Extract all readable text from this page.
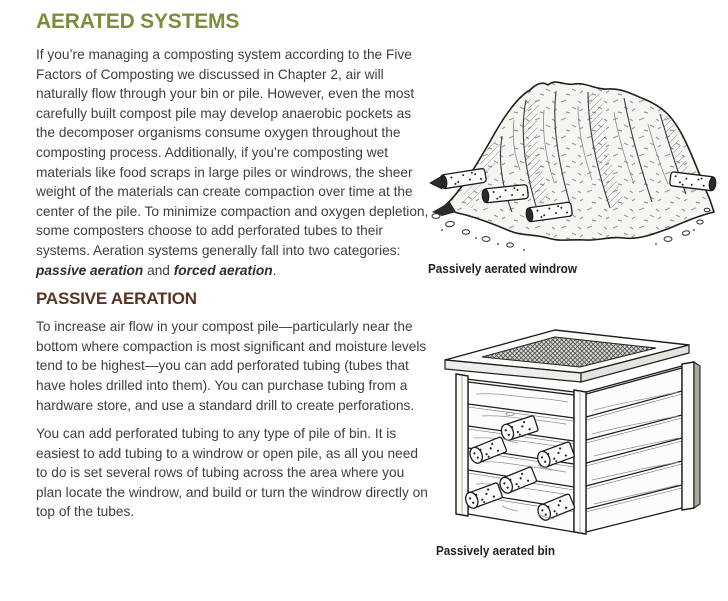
AERATED SYSTEMS

If you’re managing a composting system according to the Five Factors of Composting we discussed in Chapter 2, air will naturally flow through your bin or pile. However, even the most carefully built compost pile may develop anaerobic pockets as the decomposer organisms consume oxygen throughout the composting process. Additionally, if you’re composting wet materials like food scraps in large piles or windrows, the sheer weight of the materials can create compaction over time at the center of the pile. To minimize compaction and oxygen depletion, some composters choose to add perforated tubes to their systems. Aeration systems generally fall into two categories: passive aeration and forced aeration.

PASSIVE AERATION

To increase air flow in your compost pile—particularly near the bottom where compaction is most significant and moisture levels tend to be highest—you can add perforated tubing (tubes that have holes drilled into them). You can purchase tubing from a hardware store, and use a standard drill to create perforations.

You can add perforated tubing to any type of pile of bin. It is easiest to add tubing to a windrow or open pile, as all you need to do is set several rows of tubing across the area where you plan locate the windrow, and build or turn the windrow directly on top of the tubes.

Passively aerated windrow
Passively aerated bin
